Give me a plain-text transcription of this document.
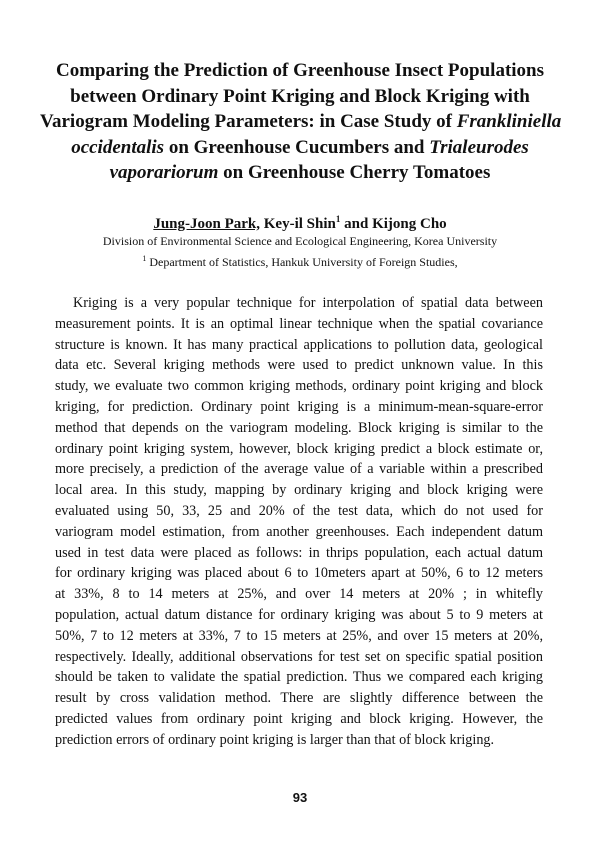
Comparing the Prediction of Greenhouse Insect Populations
between Ordinary Point Kriging and Block Kriging with
Variogram Modeling Parameters: in Case Study of Frankliniella
occidentalis on Greenhouse Cucumbers and Trialeurodes
vaporariorum on Greenhouse Cherry Tomatoes
Jung-Joon Park, Key-il Shin$^1$ and Kijong Cho
Division of Environmental Science and Ecological Engineering, Korea University
$^1$ Department of Statistics, Hankuk University of Foreign Studies,
Kriging is a very popular technique for interpolation of spatial data between
measurement points. It is an optimal linear technique when the spatial covariance
structure is known. It has many practical applications to pollution data, geological
data etc. Several kriging methods were used to predict unknown value. In this
study, we evaluate two common kriging methods, ordinary point kriging and block
kriging, for prediction. Ordinary point kriging is a minimum-mean-square-error
method that depends on the variogram modeling. Block kriging is similar to the
ordinary point kriging system, however, block kriging predict a block estimate or,
more precisely, a prediction of the average value of a variable within a prescribed
local area. In this study, mapping by ordinary kriging and block kriging were
evaluated using 50, 33, 25 and 20% of the test data, which do not used for
variogram model estimation, from another greenhouses. Each independent datum
used in test data were placed as follows: in thrips population, each actual datum
for ordinary kriging was placed about 6 to 10meters apart at 50%, 6 to 12 meters
at 33%, 8 to 14 meters at 25%, and over 14 meters at 20% ; in whitefly
population, actual datum distance for ordinary kriging was about 5 to 9 meters at
50%, 7 to 12 meters at 33%, 7 to 15 meters at 25%, and over 15 meters at 20%,
respectively. Ideally, additional observations for test set on specific spatial position
should be taken to validate the spatial prediction. Thus we compared each kriging
result by cross validation method. There are slightly difference between the
predicted values from ordinary point kriging and block kriging. However, the
prediction errors of ordinary point kriging is larger than that of block kriging.
93
